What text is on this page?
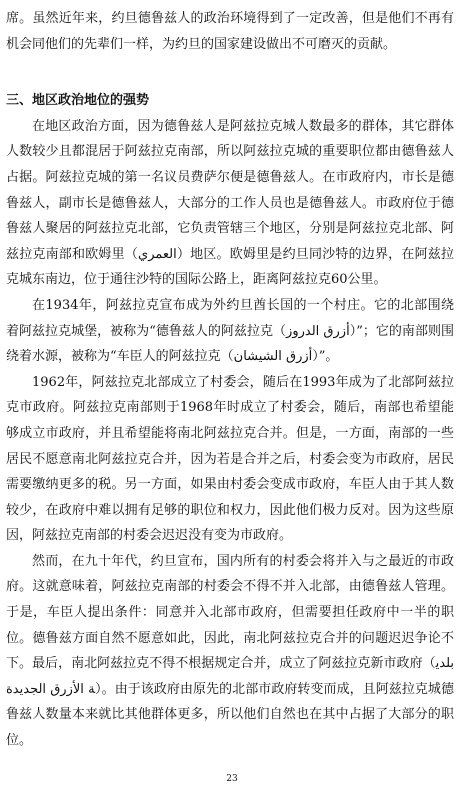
席。虽然近年来，约旦德鲁兹人的政治环境得到了一定改善，但是他们不再有机会同他们的先辈们一样，为约旦的国家建设做出不可磨灭的贡献。

三、地区政治地位的强势

在地区政治方面，因为德鲁兹人是阿兹拉克城人数最多的群体，其它群体人数较少且都混居于阿兹拉克南部，所以阿兹拉克城的重要职位都由德鲁兹人占据。阿兹拉克城的第一名议员费萨尔便是德鲁兹人。在市政府内，市长是德鲁兹人，副市长是德鲁兹人，大部分的工作人员也是德鲁兹人。市政府位于德鲁兹人聚居的阿兹拉克北部，它负责管辖三个地区，分别是阿兹拉克北部、阿兹拉克南部和欧姆里（العمري）地区。欧姆里是约旦同沙特的边界，在阿兹拉克城东南边，位于通往沙特的国际公路上，距离阿兹拉克60公里。

在1934年，阿兹拉克宣布成为外约旦酋长国的一个村庄。它的北部围绕着阿兹拉克城堡，被称为“德鲁兹人的阿兹拉克（أزرق الدروز）”；它的南部则围绕着水源，被称为“车臣人的阿兹拉克（أزرق الشيشان）”。

1962年，阿兹拉克北部成立了村委会，随后在1993年成为了北部阿兹拉克市政府。阿兹拉克南部则于1968年时成立了村委会，随后，南部也希望能够成立市政府，并且希望能将南北阿兹拉克合并。但是，一方面，南部的一些居民不愿意南北阿兹拉克合并，因为若是合并之后，村委会变为市政府，居民需要缴纳更多的税。另一方面，如果由村委会变成市政府，车臣人由于其人数较少，在政府中难以拥有足够的职位和权力，因此他们极力反对。因为这些原因，阿兹拉克南部的村委会迟迟没有变为市政府。

然而，在九十年代，约旦宣布，国内所有的村委会将并入与之最近的市政府。这就意味着，阿兹拉克南部的村委会不得不并入北部，由德鲁兹人管理。于是，车臣人提出条件：同意并入北部市政府，但需要担任政府中一半的职位。德鲁兹方面自然不愿意如此，因此，南北阿兹拉克合并的问题迟迟争论不下。最后，南北阿兹拉克不得不根据规定合并，成立了阿兹拉克新市政府（بلدية الأزرق الجديدة）。由于该政府由原先的北部市政府转变而成，且阿兹拉克城德鲁兹人数量本来就比其他群体更多，所以他们自然也在其中占据了大部分的职位。

23
